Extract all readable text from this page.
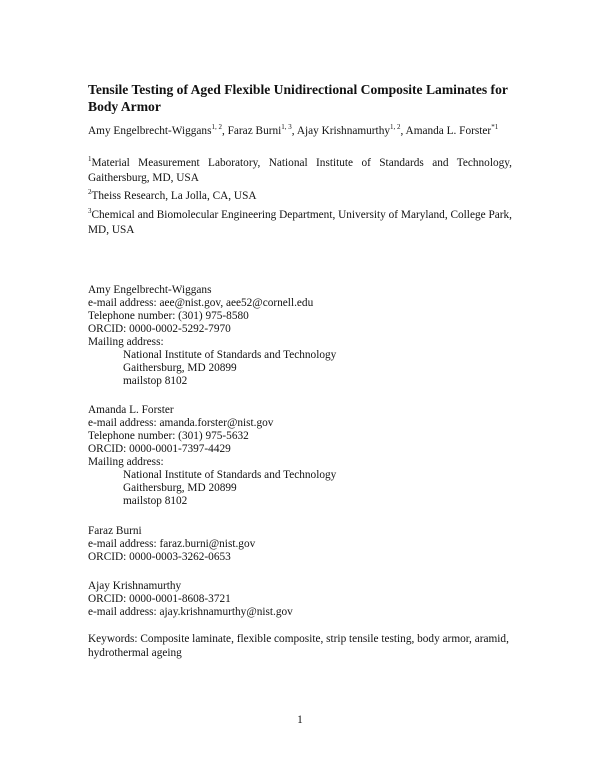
Tensile Testing of Aged Flexible Unidirectional Composite Laminates for Body Armor
Amy Engelbrecht-Wiggans$^{1, 2}$, Faraz Burni$^{1, 3}$, Ajay Krishnamurthy$^{1, 2}$, Amanda L. Forster$^{*1}$
$^1$Material Measurement Laboratory, National Institute of Standards and Technology, Gaithersburg, MD, USA
$^2$Theiss Research, La Jolla, CA, USA
$^3$Chemical and Biomolecular Engineering Department, University of Maryland, College Park, MD, USA
Amy Engelbrecht-Wiggans
e-mail address: aee@nist.gov, aee52@cornell.edu
Telephone number: (301) 975-8580
ORCID: 0000-0002-5292-7970
Mailing address:
National Institute of Standards and Technology
Gaithersburg, MD 20899
mailstop 8102
Amanda L. Forster
e-mail address: amanda.forster@nist.gov
Telephone number: (301) 975-5632
ORCID: 0000-0001-7397-4429
Mailing address:
National Institute of Standards and Technology
Gaithersburg, MD 20899
mailstop 8102
Faraz Burni
e-mail address: faraz.burni@nist.gov
ORCID: 0000-0003-3262-0653
Ajay Krishnamurthy
ORCID: 0000-0001-8608-3721
e-mail address: ajay.krishnamurthy@nist.gov
Keywords: Composite laminate, flexible composite, strip tensile testing, body armor, aramid, hydrothermal ageing
1
